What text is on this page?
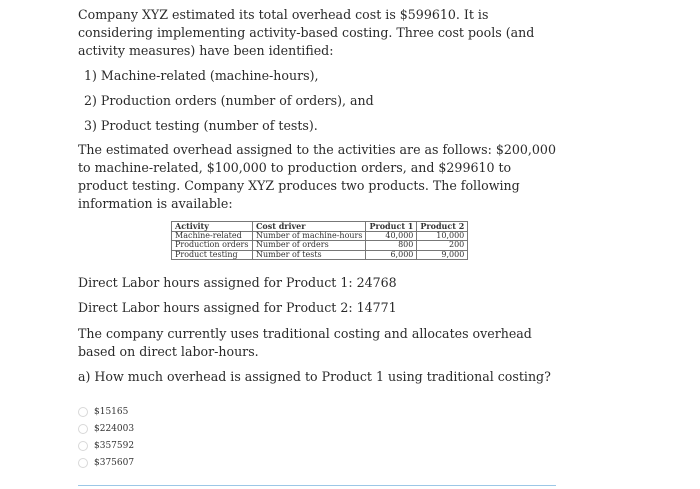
Company XYZ estimated its total overhead cost is $599610. It is considering implementing activity-based costing. Three cost pools (and activity measures) have been identified:

1) Machine-related (machine-hours),

2) Production orders (number of orders), and

3) Product testing (number of tests).

The estimated overhead assigned to the activities are as follows: $200,000 to machine-related, $100,000 to production orders, and $299610 to product testing. Company XYZ produces two products. The following information is available:

Activity	Cost driver	Product 1	Product 2
Machine-related	Number of machine-hours	40,000	10,000
Production orders	Number of orders	800	200
Product testing	Number of tests	6,000	9,000

Direct Labor hours assigned for Product 1: 24768

Direct Labor hours assigned for Product 2: 14771

The company currently uses traditional costing and allocates overhead based on direct labor-hours.

a) How much overhead is assigned to Product 1 using traditional costing?

$15165
$224003
$357592
$375607
